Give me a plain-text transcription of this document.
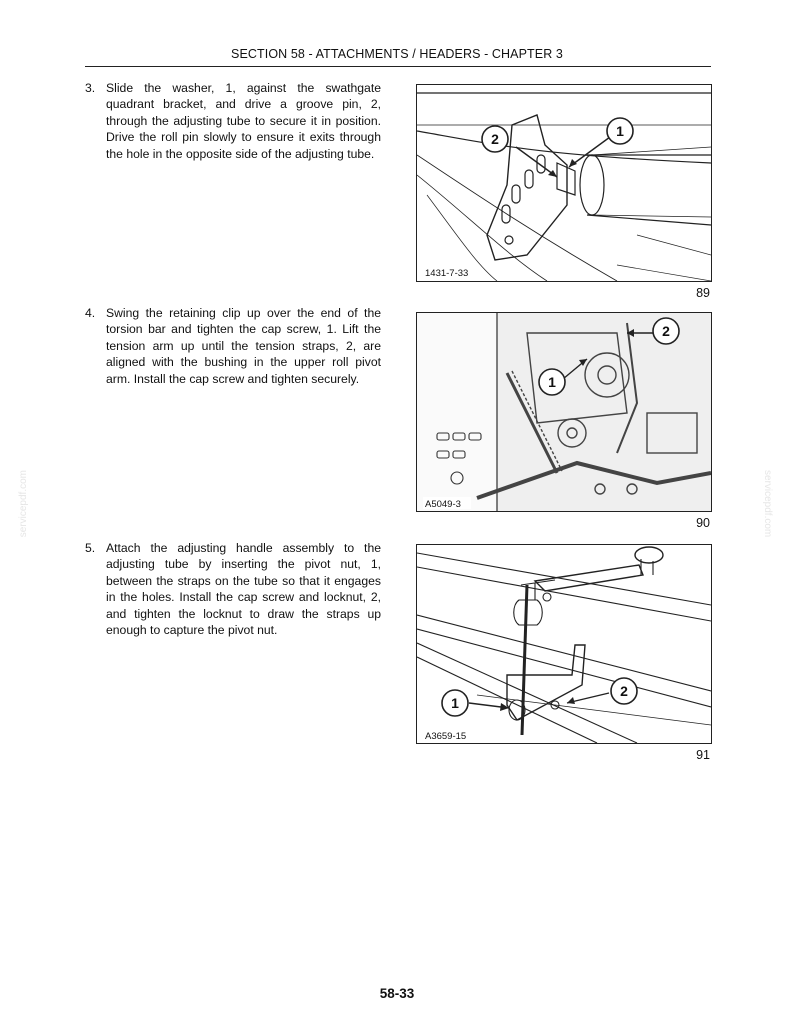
SECTION 58 - ATTACHMENTS / HEADERS - CHAPTER 3
servicepdf.com	servicepdf.com
3. Slide the washer, 1, against the swathgate quadrant bracket, and drive a groove pin, 2, through the adjusting tube to secure it in position. Drive the roll pin slowly to ensure it exits through the hole in the opposite side of the adjusting tube.
2	1
1431-7-33
89
4. Swing the retaining clip up over the end of the torsion bar and tighten the cap screw, 1. Lift the tension arm up until the tension straps, 2, are aligned with the bushing in the upper roll pivot arm. Install the cap screw and tighten securely.	1
2
A5049-3
90
5. Attach the adjusting handle assembly to the adjusting tube by inserting the pivot nut, 1, between the straps on the tube so that it engages in the holes. Install the cap screw and locknut, 2, and tighten the locknut to draw the straps up enough to capture the pivot nut.
1
2
A3659-15
91
58-33
